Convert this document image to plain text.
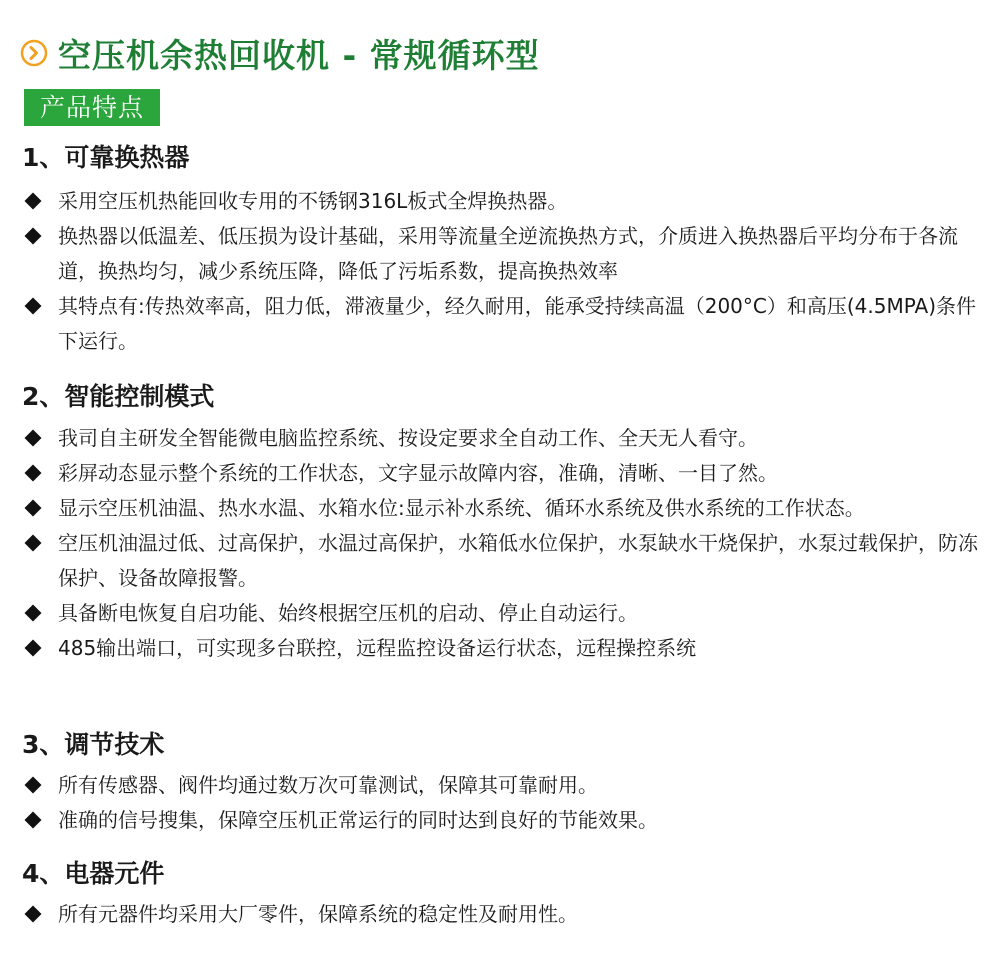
空压机余热回收机 - 常规循环型
产品特点
1、可靠换热器
采用空压机热能回收专用的不锈钢316L板式全焊换热器。
换热器以低温差、低压损为设计基础，采用等流量全逆流换热方式，介质进入换热器后平均分布于各流道，换热均匀，减少系统压降，降低了污垢系数，提高换热效率
其特点有:传热效率高，阻力低，滞液量少，经久耐用，能承受持续高温（200°C）和高压(4.5MPA)条件下运行。
2、智能控制模式
我司自主研发全智能微电脑监控系统、按设定要求全自动工作、全天无人看守。
彩屏动态显示整个系统的工作状态，文字显示故障内容，准确，清晰、一目了然。
显示空压机油温、热水水温、水箱水位:显示补水系统、循环水系统及供水系统的工作状态。
空压机油温过低、过高保护，水温过高保护，水箱低水位保护，水泵缺水干烧保护，水泵过载保护，防冻保护、设备故障报警。
具备断电恢复自启功能、始终根据空压机的启动、停止自动运行。
485输出端口，可实现多台联控，远程监控设备运行状态，远程操控系统
3、调节技术
所有传感器、阀件均通过数万次可靠测试，保障其可靠耐用。
准确的信号搜集，保障空压机正常运行的同时达到良好的节能效果。
4、电器元件
所有元器件均采用大厂零件，保障系统的稳定性及耐用性。
